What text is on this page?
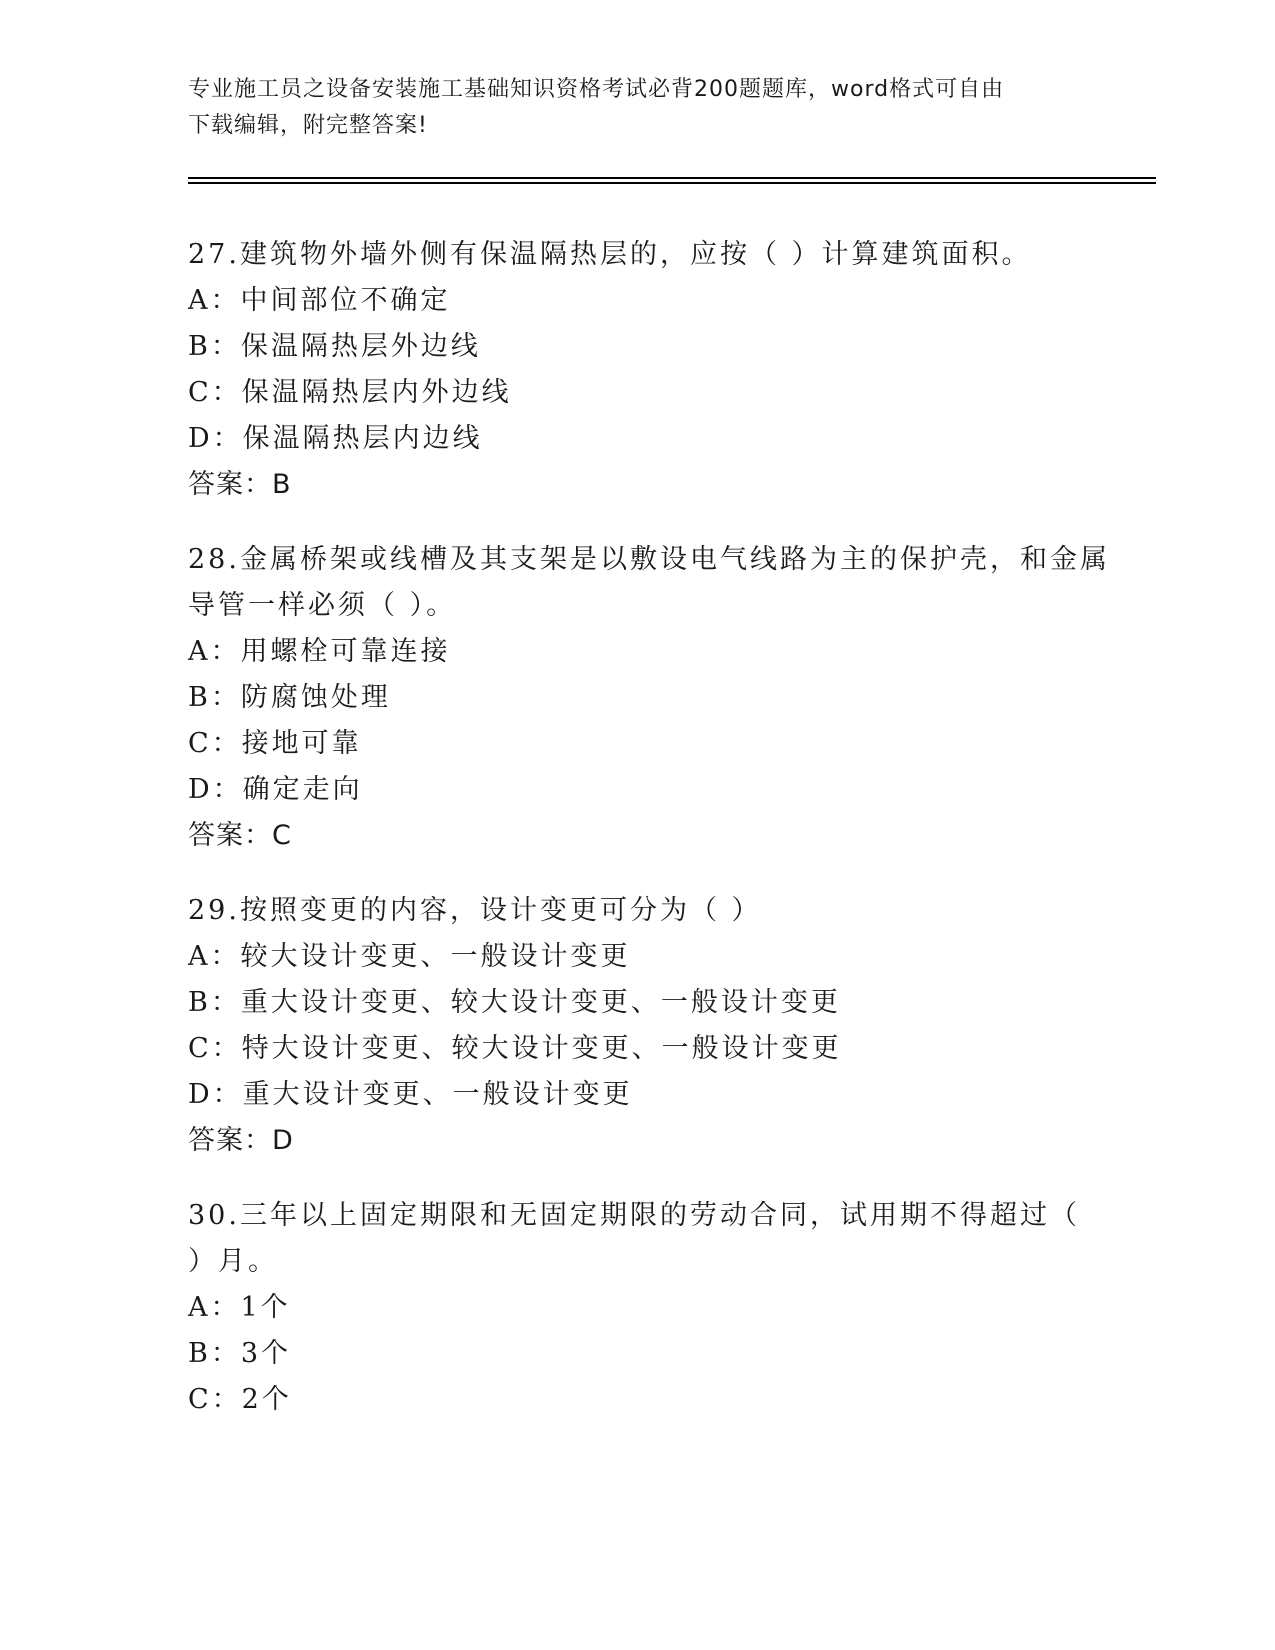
专业施工员之设备安装施工基础知识资格考试必背200题题库，word格式可自由
下载编辑，附完整答案!

27.建筑物外墙外侧有保温隔热层的，应按（ ）计算建筑面积。

A：中间部位不确定

B：保温隔热层外边线

C：保温隔热层内外边线

D：保温隔热层内边线

答案：B

28.金属桥架或线槽及其支架是以敷设电气线路为主的保护壳，和金属

导管一样必须（ ）。

A：用螺栓可靠连接

B：防腐蚀处理

C：接地可靠

D：确定走向

答案：C

29.按照变更的内容，设计变更可分为（ ）

A：较大设计变更、一般设计变更

B：重大设计变更、较大设计变更、一般设计变更

C：特大设计变更、较大设计变更、一般设计变更

D：重大设计变更、一般设计变更

答案：D

30.三年以上固定期限和无固定期限的劳动合同，试用期不得超过（

）月。

A：1个

B：3个

C：2个
